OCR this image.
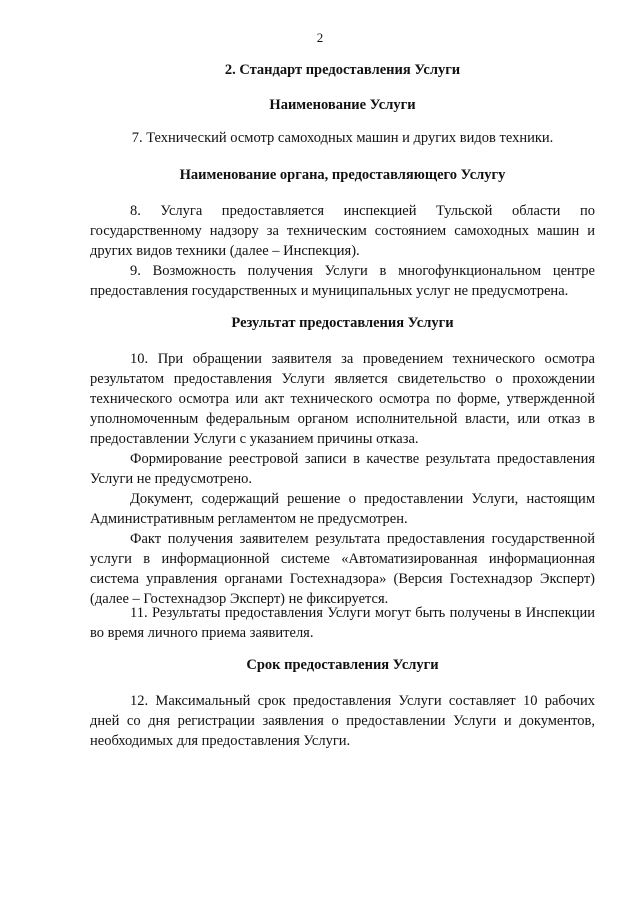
2
2. Стандарт предоставления Услуги
Наименование Услуги
7. Технический осмотр самоходных машин и других видов техники.
Наименование органа, предоставляющего Услугу
8. Услуга предоставляется инспекцией Тульской области по государственному надзору за техническим состоянием самоходных машин и других видов техники (далее – Инспекция).
9. Возможность получения Услуги в многофункциональном центре предоставления государственных и муниципальных услуг не предусмотрена.
Результат предоставления Услуги
10. При обращении заявителя за проведением технического осмотра результатом предоставления Услуги является свидетельство о прохождении технического осмотра или акт технического осмотра по форме, утвержденной уполномоченным федеральным органом исполнительной власти, или отказ в предоставлении Услуги с указанием причины отказа.
Формирование реестровой записи в качестве результата предоставления Услуги не предусмотрено.
Документ, содержащий решение о предоставлении Услуги, настоящим Административным регламентом не предусмотрен.
Факт получения заявителем результата предоставления государственной услуги в информационной системе «Автоматизированная информационная система управления органами Гостехнадзора» (Версия Гостехнадзор Эксперт) (далее – Гостехнадзор Эксперт) не фиксируется.
11. Результаты предоставления Услуги могут быть получены в Инспекции во время личного приема заявителя.
Срок предоставления Услуги
12. Максимальный срок предоставления Услуги составляет 10 рабочих дней со дня регистрации заявления о предоставлении Услуги и документов, необходимых для предоставления Услуги.
